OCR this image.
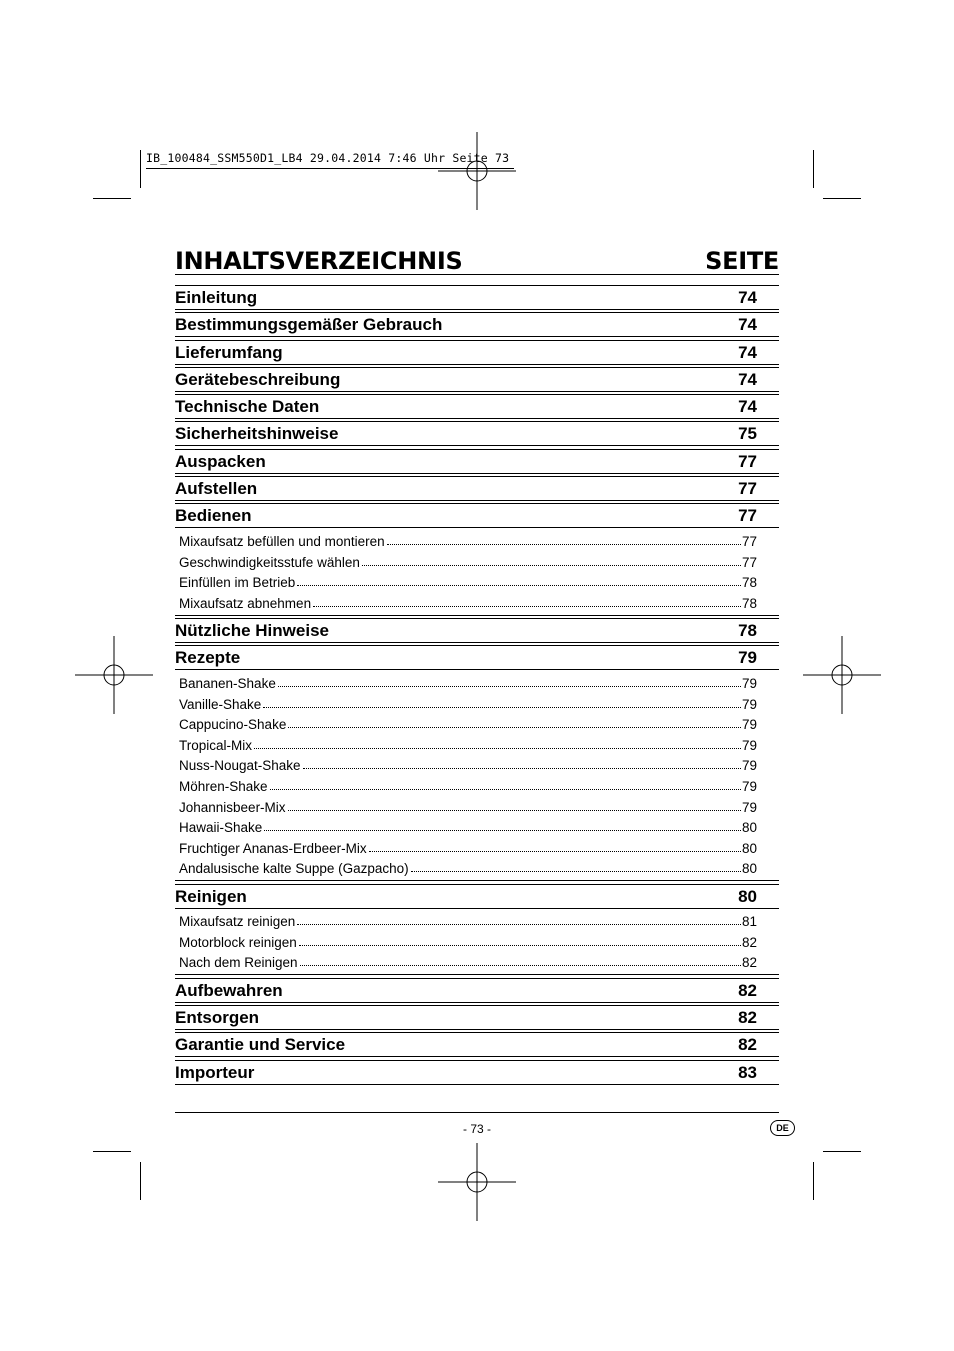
IB_100484_SSM550D1_LB4 29.04.2014 7:46 Uhr Seite 73
INHALTSVERZEICHNIS	SEITE
Einleitung	74
Bestimmungsgemäßer Gebrauch	74
Lieferumfang	74
Gerätebeschreibung	74
Technische Daten	74
Sicherheitshinweise	75
Auspacken	77
Aufstellen	77
Bedienen	77
Mixaufsatz befüllen und montieren	77
Geschwindigkeitsstufe wählen	77
Einfüllen im Betrieb	78
Mixaufsatz abnehmen	78
Nützliche Hinweise	78
Rezepte	79
Bananen-Shake	79
Vanille-Shake	79
Cappucino-Shake	79
Tropical-Mix	79
Nuss-Nougat-Shake	79
Möhren-Shake	79
Johannisbeer-Mix	79
Hawaii-Shake	80
Fruchtiger Ananas-Erdbeer-Mix	80
Andalusische kalte Suppe (Gazpacho)	80
Reinigen	80
Mixaufsatz reinigen	81
Motorblock reinigen	82
Nach dem Reinigen	82
Aufbewahren	82
Entsorgen	82
Garantie und Service	82
Importeur	83
- 73 -	DE
